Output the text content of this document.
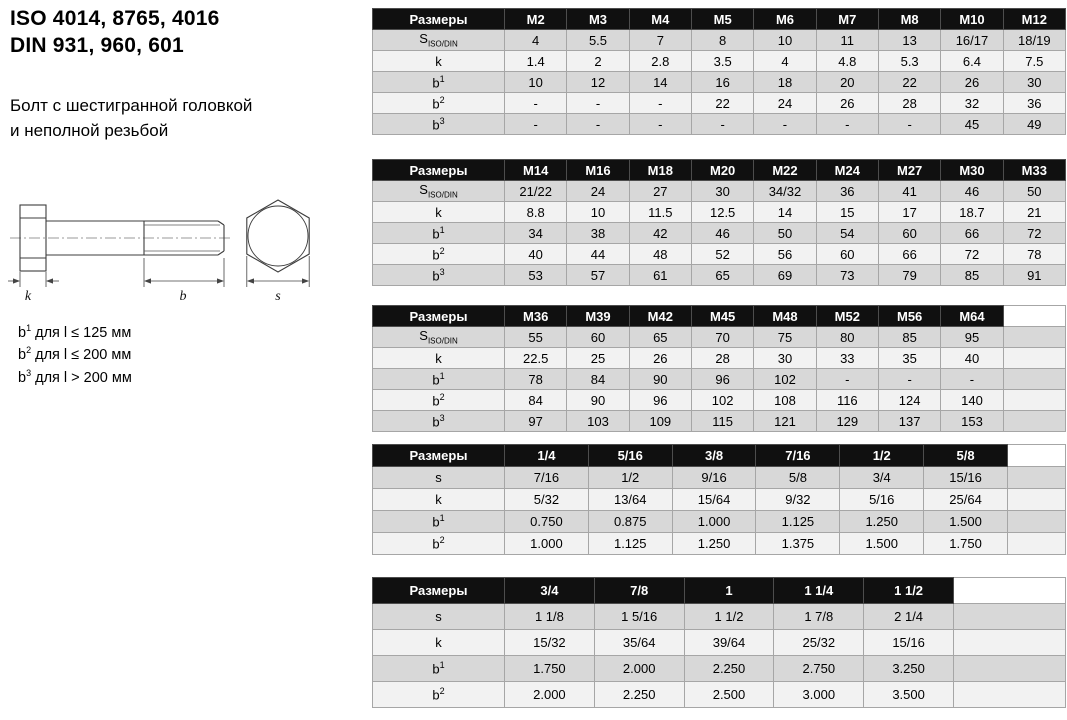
ISO 4014, 8765, 4016
DIN 931, 960, 601
Болт с шестигранной головкой
и неполной резьбой
k	b	s
$b^1$ для l ≤ 125 мм
$b^2$ для l ≤ 200 мм
$b^3$ для l > 200 мм
Размеры	M2	M3	M4	M5	M6	M7	M8	M10	M12
$S_{ISO/DIN}$	4	5.5	7	8	10	11	13	16/17	18/19
k	1.4	2	2.8	3.5	4	4.8	5.3	6.4	7.5
$b^1$	10	12	14	16	18	20	22	26	30
$b^2$	-	-	-	22	24	26	28	32	36
$b^3$	-	-	-	-	-	-	-	45	49
Размеры	M14	M16	M18	M20	M22	M24	M27	M30	M33
$S_{ISO/DIN}$	21/22	24	27	30	34/32	36	41	46	50
k	8.8	10	11.5	12.5	14	15	17	18.7	21
$b^1$	34	38	42	46	50	54	60	66	72
$b^2$	40	44	48	52	56	60	66	72	78
$b^3$	53	57	61	65	69	73	79	85	91
Размеры	M36	M39	M42	M45	M48	M52	M56	M64	
$S_{ISO/DIN}$	55	60	65	70	75	80	85	95	
k	22.5	25	26	28	30	33	35	40	
$b^1$	78	84	90	96	102	-	-	-	
$b^2$	84	90	96	102	108	116	124	140	
$b^3$	97	103	109	115	121	129	137	153	
Размеры	1/4	5/16	3/8	7/16	1/2	5/8	
s	7/16	1/2	9/16	5/8	3/4	15/16	
k	5/32	13/64	15/64	9/32	5/16	25/64	
$b^1$	0.750	0.875	1.000	1.125	1.250	1.500	
$b^2$	1.000	1.125	1.250	1.375	1.500	1.750	
Размеры	3/4	7/8	1	1 1/4	1 1/2	
s	1 1/8	1 5/16	1 1/2	1 7/8	2 1/4	
k	15/32	35/64	39/64	25/32	15/16	
$b^1$	1.750	2.000	2.250	2.750	3.250	
$b^2$	2.000	2.250	2.500	3.000	3.500	
